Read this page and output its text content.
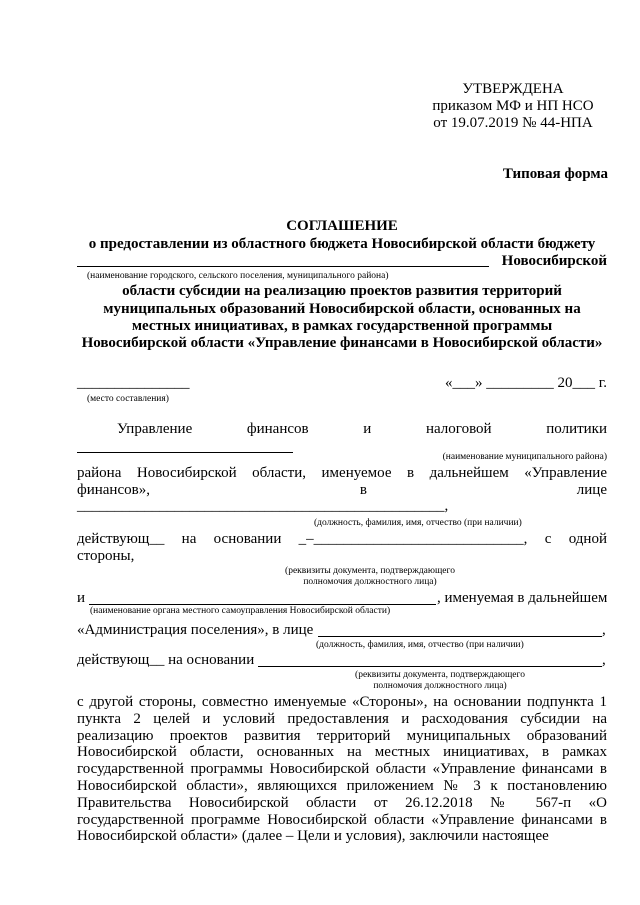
УТВЕРЖДЕНА
приказом МФ и НП НСО
от 19.07.2019 № 44-НПА
Типовая форма
СОГЛАШЕНИЕ
о предоставлении из областного бюджета Новосибирской области бюджету
Новосибирской
(наименование городского, сельского поселения, муниципального района)
области субсидии на реализацию проектов развития территорий
муниципальных образований Новосибирской области, основанных на
местных инициативах, в рамках государственной программы
Новосибирской области «Управление финансами в Новосибирской области»
_______________
(место составления)
«___» _________ 20___ г.
Управление	финансов	и	налоговой	политики
(наименование муниципального района)
района Новосибирской области, именуемое в дальнейшем «Управление
финансов»,	в	лице
_________________________________________________,
(должность, фамилия, имя, отчество (при наличии)
действующ__ на основании _–____________________________, с одной
стороны,
(реквизиты документа, подтверждающего
полномочия должностного лица)
и	, именуемая в дальнейшем
(наименование органа местного самоуправления Новосибирской области)
«Администрация поселения», в лице	,
(должность, фамилия, имя, отчество (при наличии)
действующ__ на основании	,
(реквизиты документа, подтверждающего
полномочия должностного лица)
с другой стороны, совместно именуемые «Стороны», на основании подпункта 1 пункта 2 целей и условий предоставления и расходования субсидии на реализацию проектов развития территорий муниципальных образований Новосибирской области, основанных на местных инициативах, в рамках государственной программы Новосибирской области «Управление финансами в Новосибирской области», являющихся приложением № 3 к постановлению Правительства Новосибирской области от 26.12.2018 № 567-п «О государственной программе Новосибирской области «Управление финансами в Новосибирской области» (далее – Цели и условия), заключили настоящее
